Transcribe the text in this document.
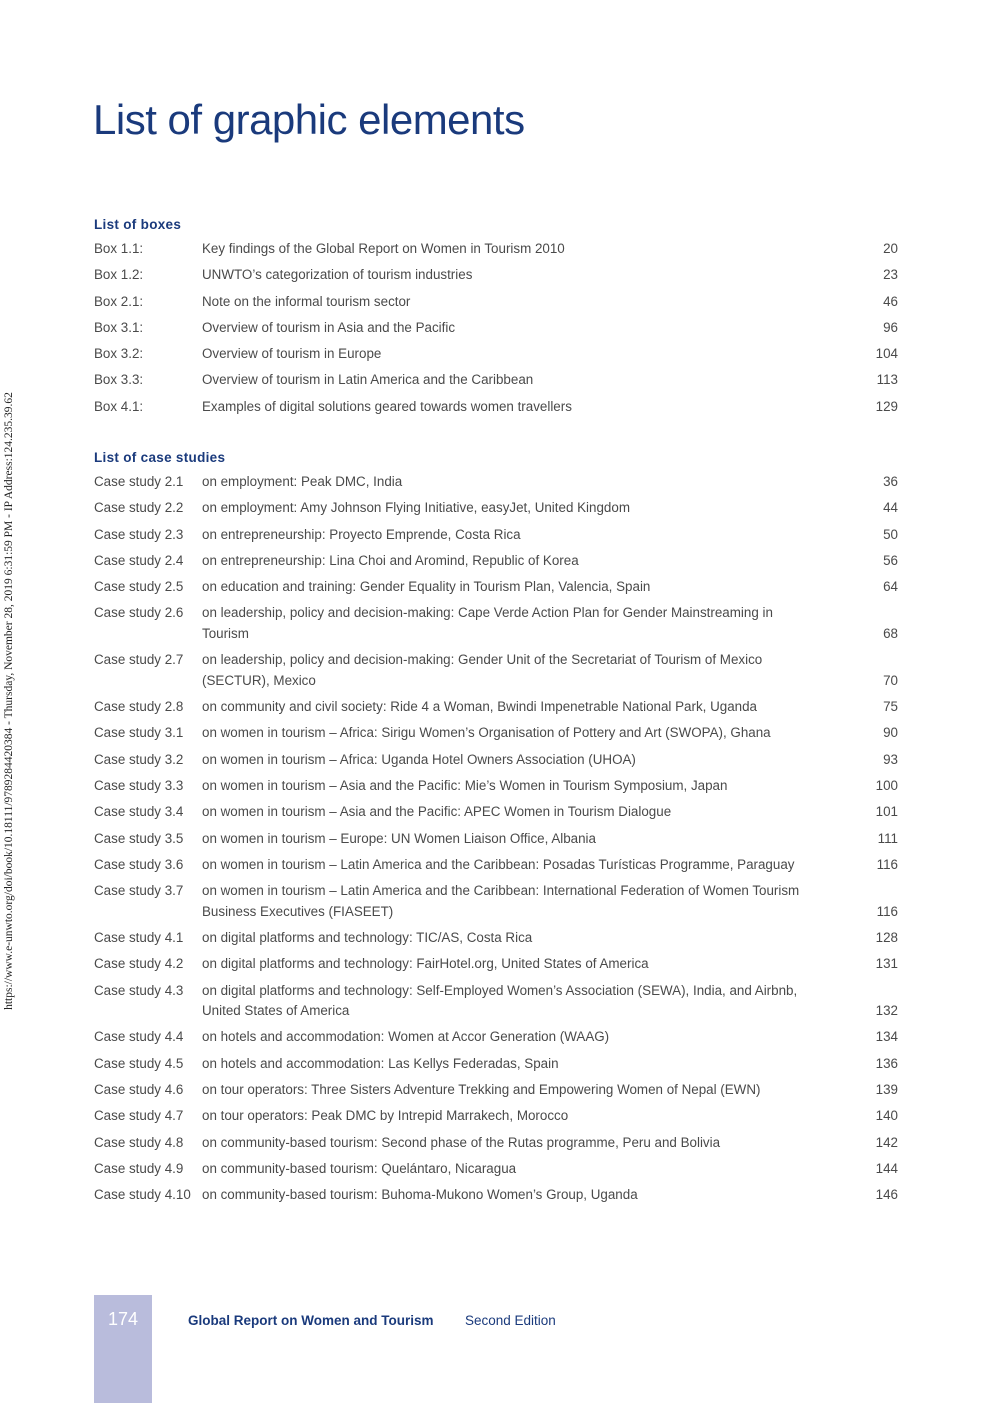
https://www.e-unwto.org/doi/book/10.18111/9789284420384 - Thursday, November 28, 2019 6:31:59 PM - IP Address:124.235.39.62
List of graphic elements
List of boxes
Box 1.1:	Key findings of the Global Report on Women in Tourism 2010	20
Box 1.2:	UNWTO’s categorization of tourism industries	23
Box 2.1:	Note on the informal tourism sector	46
Box 3.1:	Overview of tourism in Asia and the Pacific	96
Box 3.2:	Overview of tourism in Europe	104
Box 3.3:	Overview of tourism in Latin America and the Caribbean	113
Box 4.1:	Examples of digital solutions geared towards women travellers	129
List of case studies
Case study 2.1	on employment: Peak DMC, India	36
Case study 2.2	on employment: Amy Johnson Flying Initiative, easyJet, United Kingdom	44
Case study 2.3	on entrepreneurship: Proyecto Emprende, Costa Rica	50
Case study 2.4	on entrepreneurship: Lina Choi and Aromind, Republic of Korea	56
Case study 2.5	on education and training: Gender Equality in Tourism Plan, Valencia, Spain	64
Case study 2.6	on leadership, policy and decision-making: Cape Verde Action Plan for Gender Mainstreaming in Tourism	68
Case study 2.7	on leadership, policy and decision-making: Gender Unit of the Secretariat of Tourism of Mexico (SECTUR), Mexico	70
Case study 2.8	on community and civil society: Ride 4 a Woman, Bwindi Impenetrable National Park, Uganda	75
Case study 3.1	on women in tourism – Africa: Sirigu Women’s Organisation of Pottery and Art (SWOPA), Ghana	90
Case study 3.2	on women in tourism – Africa: Uganda Hotel Owners Association (UHOA)	93
Case study 3.3	on women in tourism – Asia and the Pacific: Mie’s Women in Tourism Symposium, Japan	100
Case study 3.4	on women in tourism – Asia and the Pacific: APEC Women in Tourism Dialogue	101
Case study 3.5	on women in tourism – Europe: UN Women Liaison Office, Albania	111
Case study 3.6	on women in tourism – Latin America and the Caribbean: Posadas Turísticas Programme, Paraguay	116
Case study 3.7	on women in tourism – Latin America and the Caribbean: International Federation of Women Tourism Business Executives (FIASEET)	116
Case study 4.1	on digital platforms and technology: TIC/AS, Costa Rica	128
Case study 4.2	on digital platforms and technology: FairHotel.org, United States of America	131
Case study 4.3	on digital platforms and technology: Self-Employed Women’s Association (SEWA), India, and Airbnb, United States of America	132
Case study 4.4	on hotels and accommodation: Women at Accor Generation (WAAG)	134
Case study 4.5	on hotels and accommodation: Las Kellys Federadas, Spain	136
Case study 4.6	on tour operators: Three Sisters Adventure Trekking and Empowering Women of Nepal (EWN)	139
Case study 4.7	on tour operators: Peak DMC by Intrepid Marrakech, Morocco	140
Case study 4.8	on community-based tourism: Second phase of the Rutas programme, Peru and Bolivia	142
Case study 4.9	on community-based tourism: Quelántaro, Nicaragua	144
Case study 4.10 on community-based tourism: Buhoma-Mukono Women’s Group, Uganda	146
174	Global Report on Women and Tourism Second Edition
